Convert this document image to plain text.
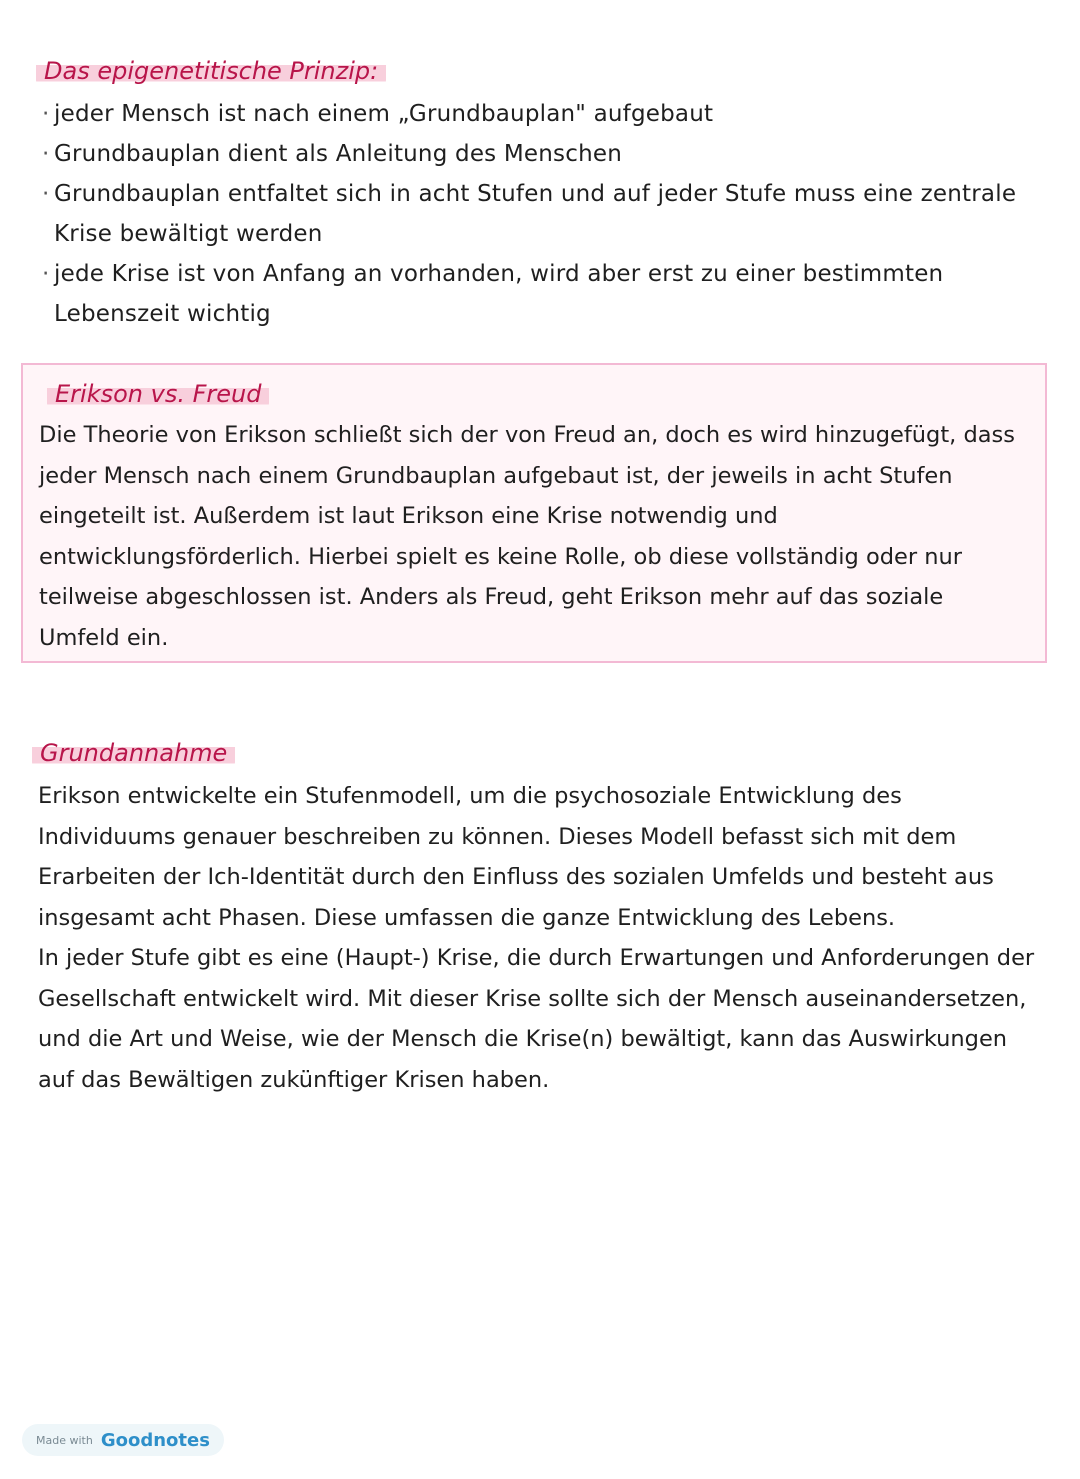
Das epigenetitische Prinzip:
· jeder Mensch ist nach einem „Grundbauplan" aufgebaut
· Grundbauplan dient als Anleitung des Menschen
· Grundbauplan entfaltet sich in acht Stufen und auf jeder Stufe muss eine zentrale Krise bewältigt werden
· jede Krise ist von Anfang an vorhanden, wird aber erst zu einer bestimmten Lebenszeit wichtig
Erikson vs. Freud

Die Theorie von Erikson schließt sich der von Freud an, doch es wird hinzugefügt, dass jeder Mensch nach einem Grundbauplan aufgebaut ist, der jeweils in acht Stufen eingeteilt ist. Außerdem ist laut Erikson eine Krise notwendig und entwicklungsförderlich. Hierbei spielt es keine Rolle, ob diese vollständig oder nur teilweise abgeschlossen ist. Anders als Freud, geht Erikson mehr auf das soziale Umfeld ein.

Grundannahme

Erikson entwickelte ein Stufenmodell, um die psychosoziale Entwicklung des Individuums genauer beschreiben zu können. Dieses Modell befasst sich mit dem Erarbeiten der Ich-Identität durch den Einfluss des sozialen Umfelds und besteht aus insgesamt acht Phasen. Diese umfassen die ganze Entwicklung des Lebens.

In jeder Stufe gibt es eine (Haupt-) Krise, die durch Erwartungen und Anforderungen der Gesellschaft entwickelt wird. Mit dieser Krise sollte sich der Mensch auseinandersetzen, und die Art und Weise, wie der Mensch die Krise(n) bewältigt, kann das Auswirkungen auf das Bewältigen zukünftiger Krisen haben.

Made with Goodnotes
